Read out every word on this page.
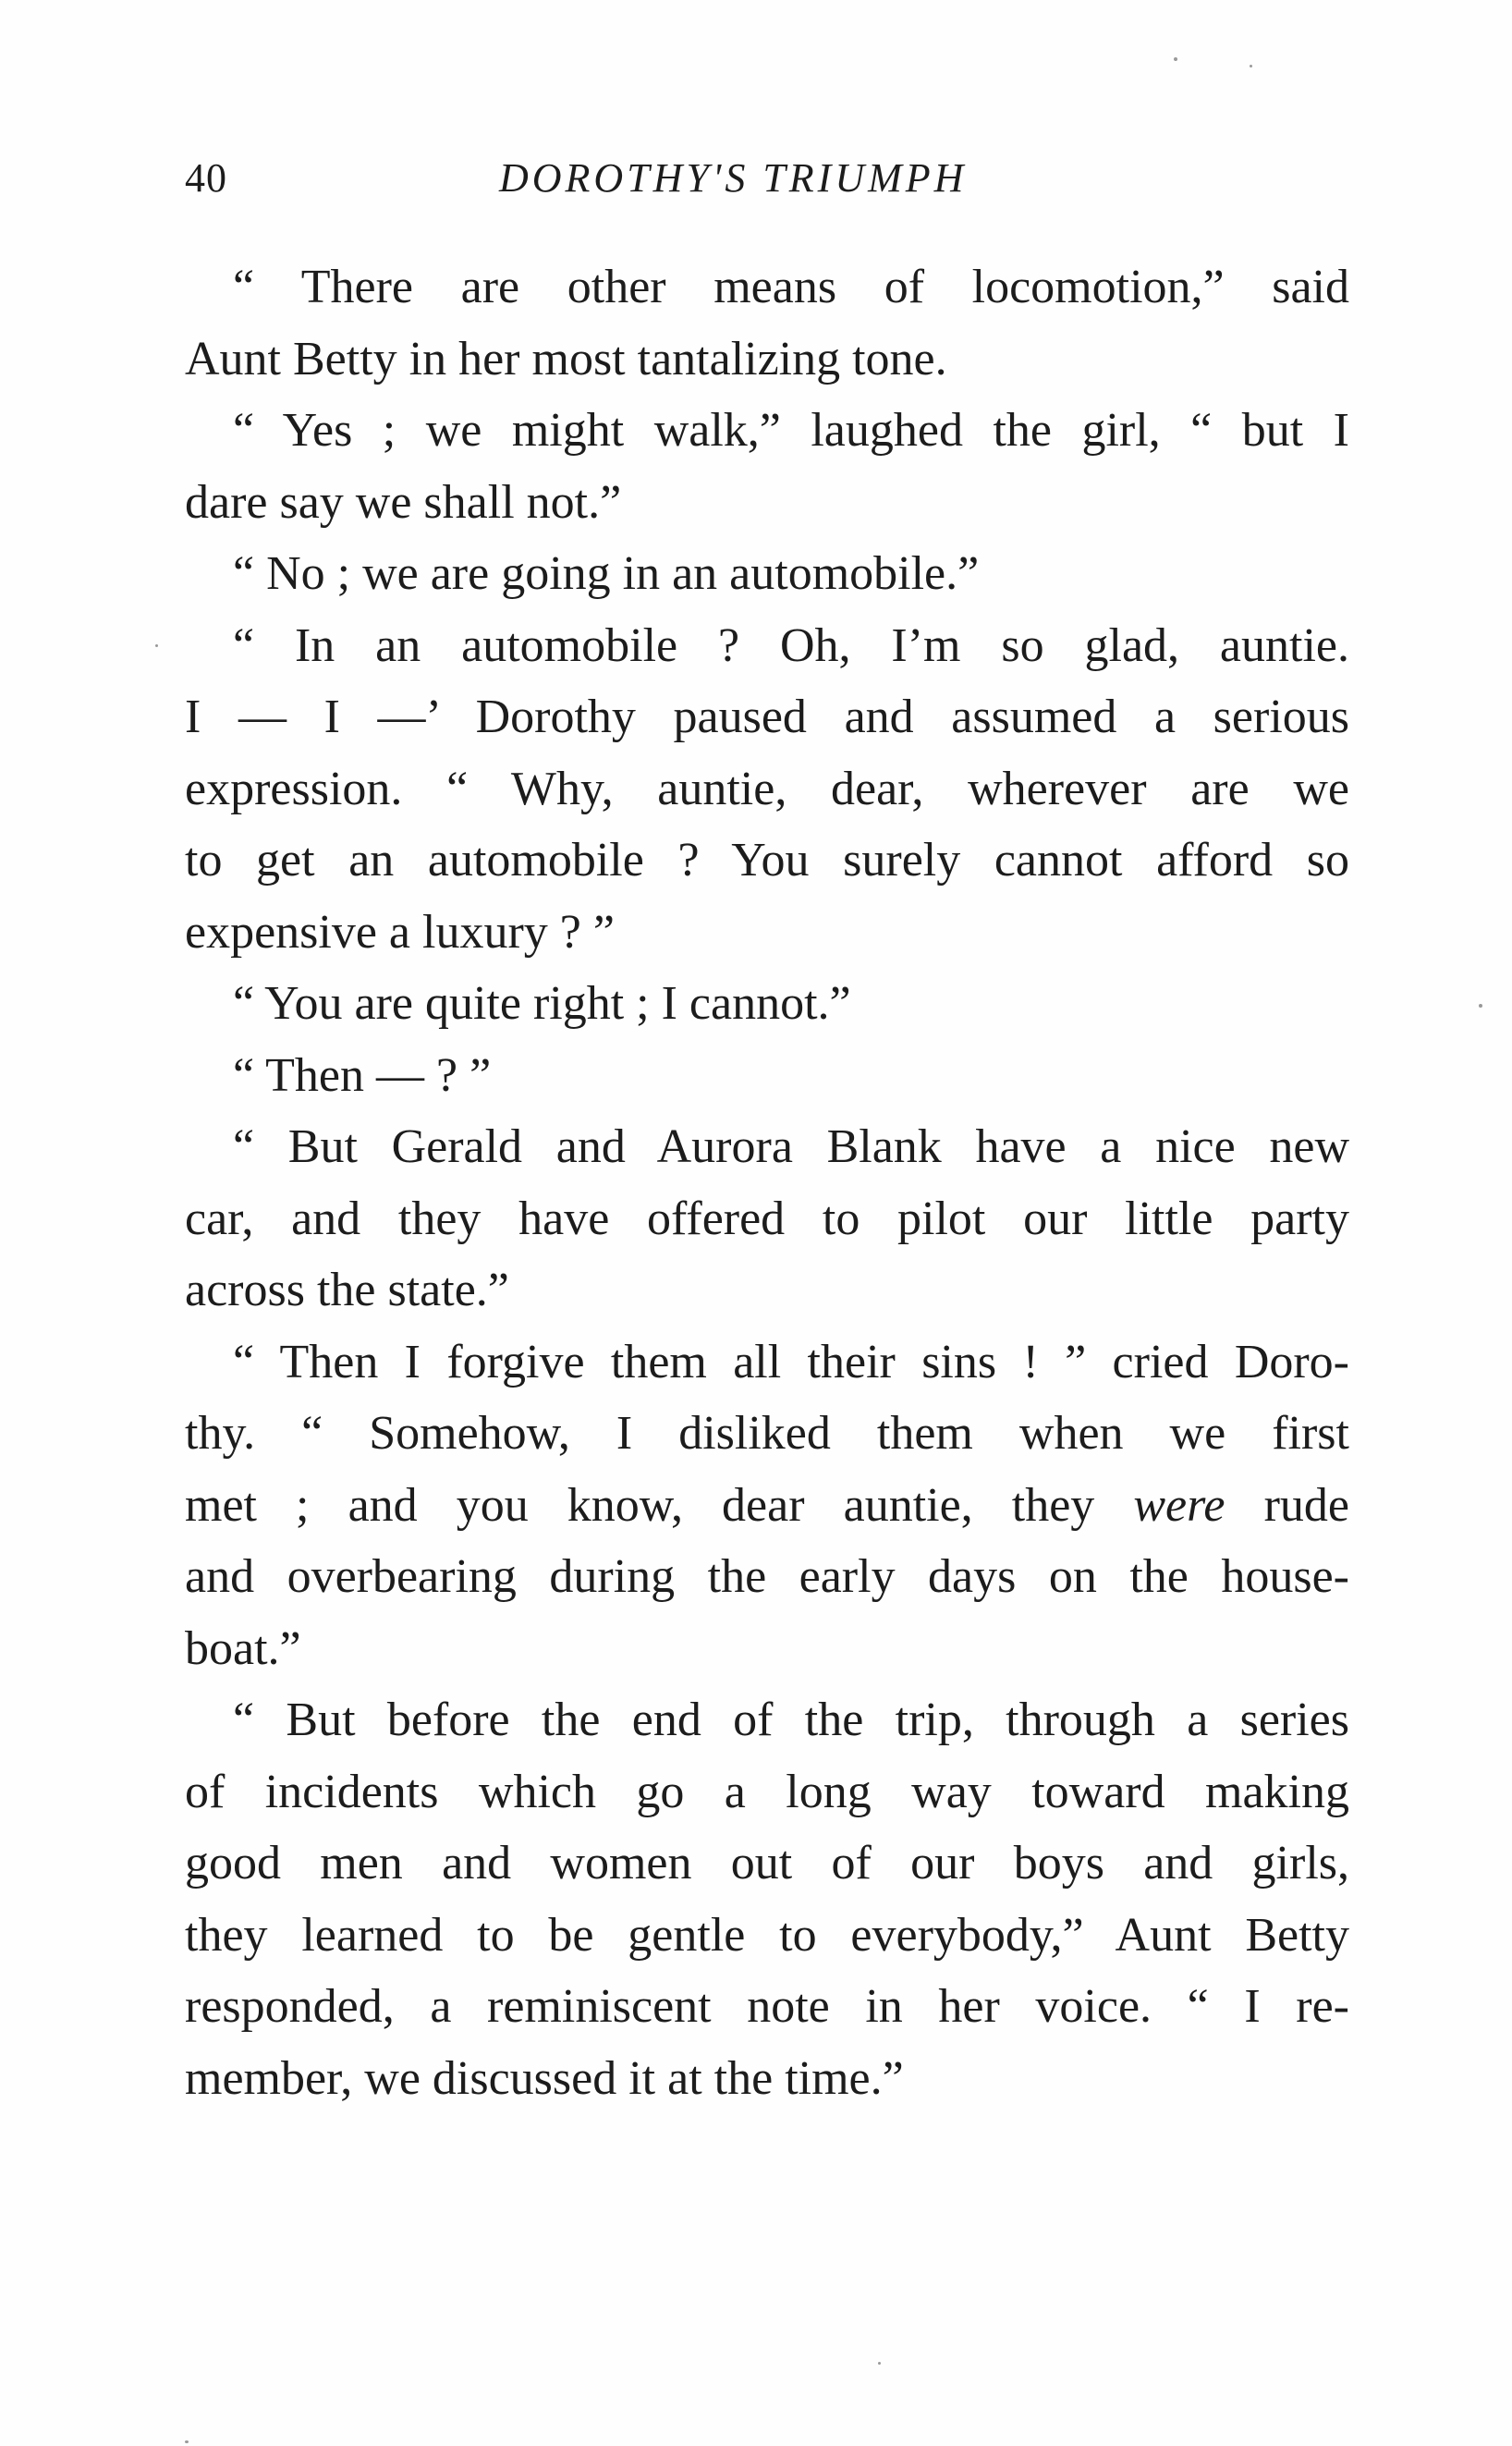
40	DOROTHY'S TRIUMPH
“ There are other means of locomotion,” said
Aunt Betty in her most tantalizing tone.
“ Yes ; we might walk,” laughed the girl, “ but I
dare say we shall not.”
“ No ; we are going in an automobile.”
“ In an automobile ? Oh, I’m so glad, auntie.
I — I —’ Dorothy paused and assumed a serious
expression. “ Why, auntie, dear, wherever are we
to get an automobile ? You surely cannot afford so
expensive a luxury ? ”
“ You are quite right ; I cannot.”
“ Then — ? ”
“ But Gerald and Aurora Blank have a nice new
car, and they have offered to pilot our little party
across the state.”
“ Then I forgive them all their sins ! ” cried Doro-
thy. “ Somehow, I disliked them when we first
met ; and you know, dear auntie, they were rude
and overbearing during the early days on the house-
boat.”
“ But before the end of the trip, through a series
of incidents which go a long way toward making
good men and women out of our boys and girls,
they learned to be gentle to everybody,” Aunt Betty
responded, a reminiscent note in her voice. “ I re-
member, we discussed it at the time.”
